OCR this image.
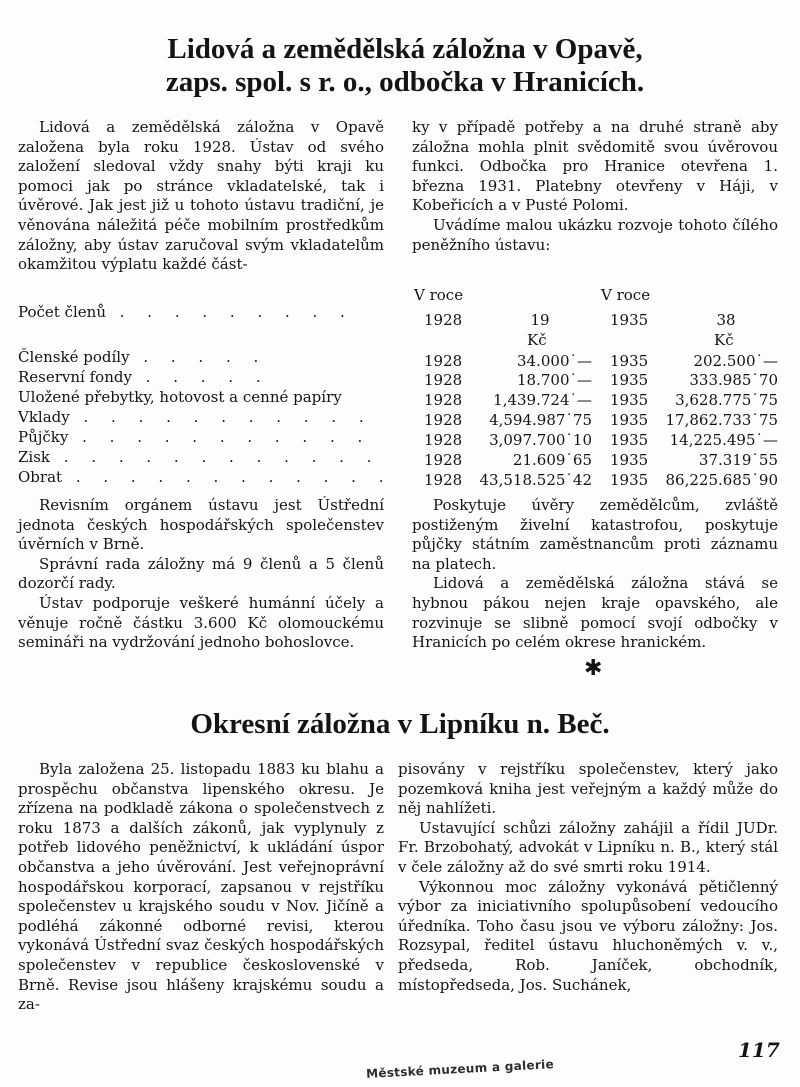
Lidová a zemědělská záložna v Opavě,
zaps. spol. s r. o., odbočka v Hranicích.

Lidová a zemědělská záložna v Opavě založena byla roku 1928. Ústav od svého založení sledoval vždy snahy býti kraji ku pomoci jak po stránce vkladatelské, tak i úvěrové. Jak jest již u tohoto ústavu tradiční, je věnována náležitá péče mobilním prostředkům záložny, aby ústav zaručoval svým vkladatelům okamžitou výplatu každé část-

ky v případě potřeby a na druhé straně aby záložna mohla plnit svědomitě svou úvěrovou funkci. Odbočka pro Hranice otevřena 1. března 1931. Platebny otevřeny v Háji, v Kobeřicích a v Pusté Polomi.

Uvádíme malou ukázku rozvoje tohoto čílého peněžního ústavu:

V roce	V roce
Počet členů . . . . . . . . .	1928	19	1935	38
Kč	Kč
Členské podíly . . . . .	1928	34.000˙— 1935	202.500˙—
Reservní fondy . . . . .	1928	18.700˙— 1935	333.985˙70
Uložené přebytky, hotovost a cenné papíry	1928	1,439.724˙— 1935	3,628.775˙75
Vklady . . . . . . . . . . .	1928	4,594.987˙75 1935	17,862.733˙75
Půjčky . . . . . . . . . . .	1928	3,097.700˙10 1935	14,225.495˙—
Zisk . . . . . . . . . . . .	1928	21.609˙65 1935	37.319˙55
Obrat . . . . . . . . . . . . 1928	43,518.525˙42 1935	86,225.685˙90

Revisním orgánem ústavu jest Ústřední jednota českých hospodářských společenstev úvěrních v Brně.

Správní rada záložny má 9 členů a 5 členů dozorčí rady.

Ústav podporuje veškeré humánní účely a věnuje ročně částku 3.600 Kč olomouckému semináři na vydržování jednoho bohoslovce.

Poskytuje úvěry zemědělcům, zvláště postiženým živelní katastrofou, poskytuje půjčky státním zaměstnancům proti záznamu na platech.

Lidová a zemědělská záložna stává se hybnou pákou nejen kraje opavského, ale rozvinuje se slibně pomocí svojí odbočky v Hranicích po celém okrese hranickém.

✱
Okresní záložna v Lipníku n. Beč.

Byla založena 25. listopadu 1883 ku blahu a prospěchu občanstva lipenského okresu. Je zřízena na podkladě zákona o společenstvech z roku 1873 a dalších zákonů, jak vyplynuly z potřeb lidového peněžnictví, k ukládání úspor občanstva a jeho úvěrování. Jest veřejnoprávní hospodářskou korporací, zapsanou v rejstříku společenstev u krajského soudu v Nov. Jičíně a podléhá zákonné odborné revisi, kterou vykonává Ústřední svaz českých hospodářských společenstev v republice československé v Brně. Revise jsou hlášeny krajskému soudu a za-

pisovány v rejstříku společenstev, který jako pozemková kniha jest veřejným a každý může do něj nahlížeti.

Ustavující schůzi záložny zahájil a řídil JUDr. Fr. Brzobohatý, advokát v Lipníku n. B., který stál v čele záložny až do své smrti roku 1914.

Výkonnou moc záložny vykonává pětičlenný výbor za iniciativního spolupůsobení vedoucího úředníka. Toho času jsou ve výboru záložny: Jos. Rozsypal, ředitel ústavu hluchoněmých v. v., předseda, Rob. Janíček, obchodník, místopředseda, Jos. Suchánek,

117
Městské muzeum a galerie
